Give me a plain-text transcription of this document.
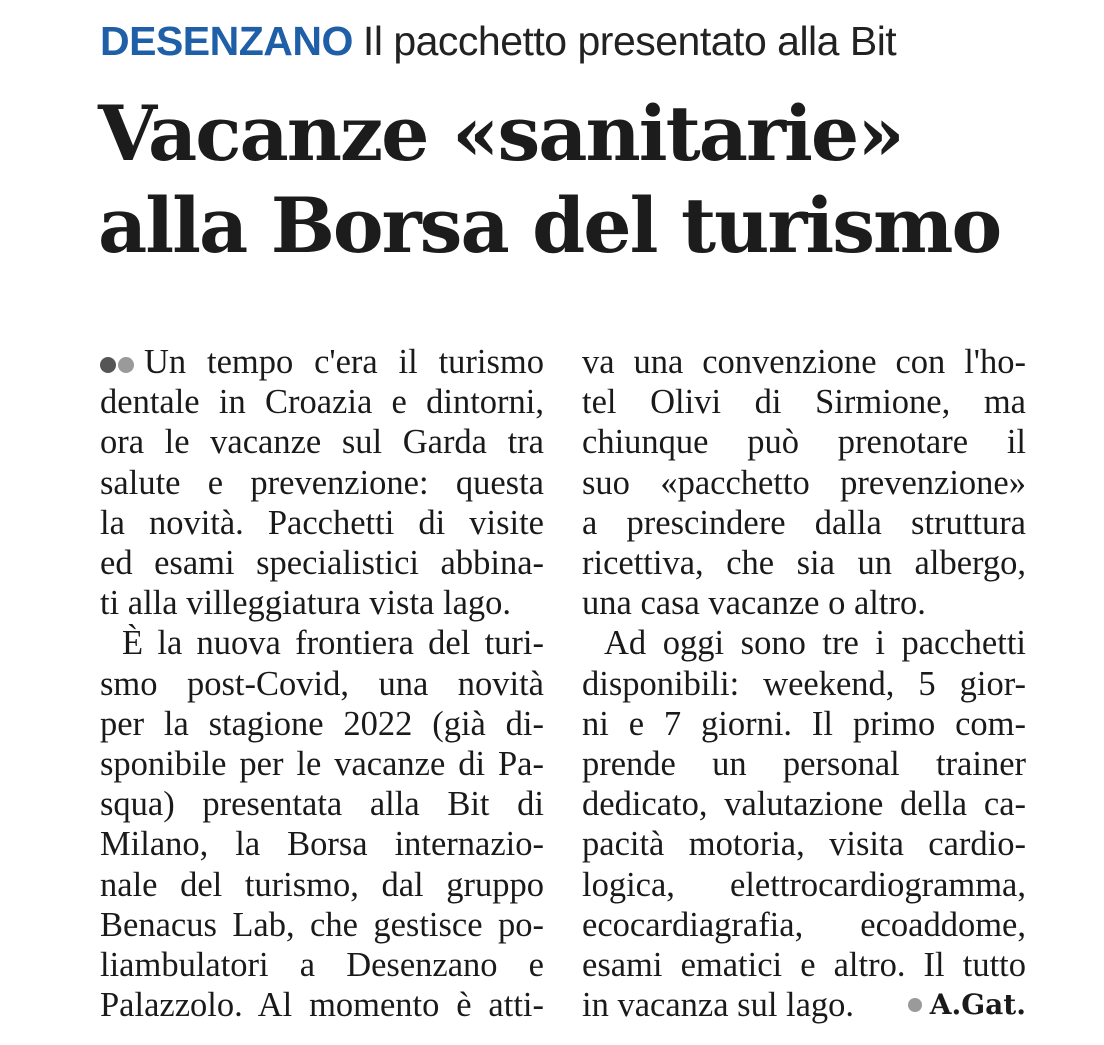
DESENZANO Il pacchetto presentato alla Bit
Vacanze «sanitarie»
alla Borsa del turismo
Un tempo c'era il turismo
dentale in Croazia e dintorni,
ora le vacanze sul Garda tra
salute e prevenzione: questa
la novità. Pacchetti di visite
ed esami specialistici abbina-
ti alla villeggiatura vista lago.
È la nuova frontiera del turi-
smo post-Covid, una novità
per la stagione 2022 (già di-
sponibile per le vacanze di Pa-
squa) presentata alla Bit di
Milano, la Borsa internazio-
nale del turismo, dal gruppo
Benacus Lab, che gestisce po-
liambulatori a Desenzano e
Palazzolo. Al momento è atti-
va una convenzione con l'ho-
tel Olivi di Sirmione, ma
chiunque può prenotare il
suo «pacchetto prevenzione»
a prescindere dalla struttura
ricettiva, che sia un albergo,
una casa vacanze o altro.
Ad oggi sono tre i pacchetti
disponibili: weekend, 5 gior-
ni e 7 giorni. Il primo com-
prende un personal trainer
dedicato, valutazione della ca-
pacità motoria, visita cardio-
logica, elettrocardiogramma,
ecocardiagrafia, ecoaddome,
esami ematici e altro. Il tutto
in vacanza sul lago.	A.Gat.
